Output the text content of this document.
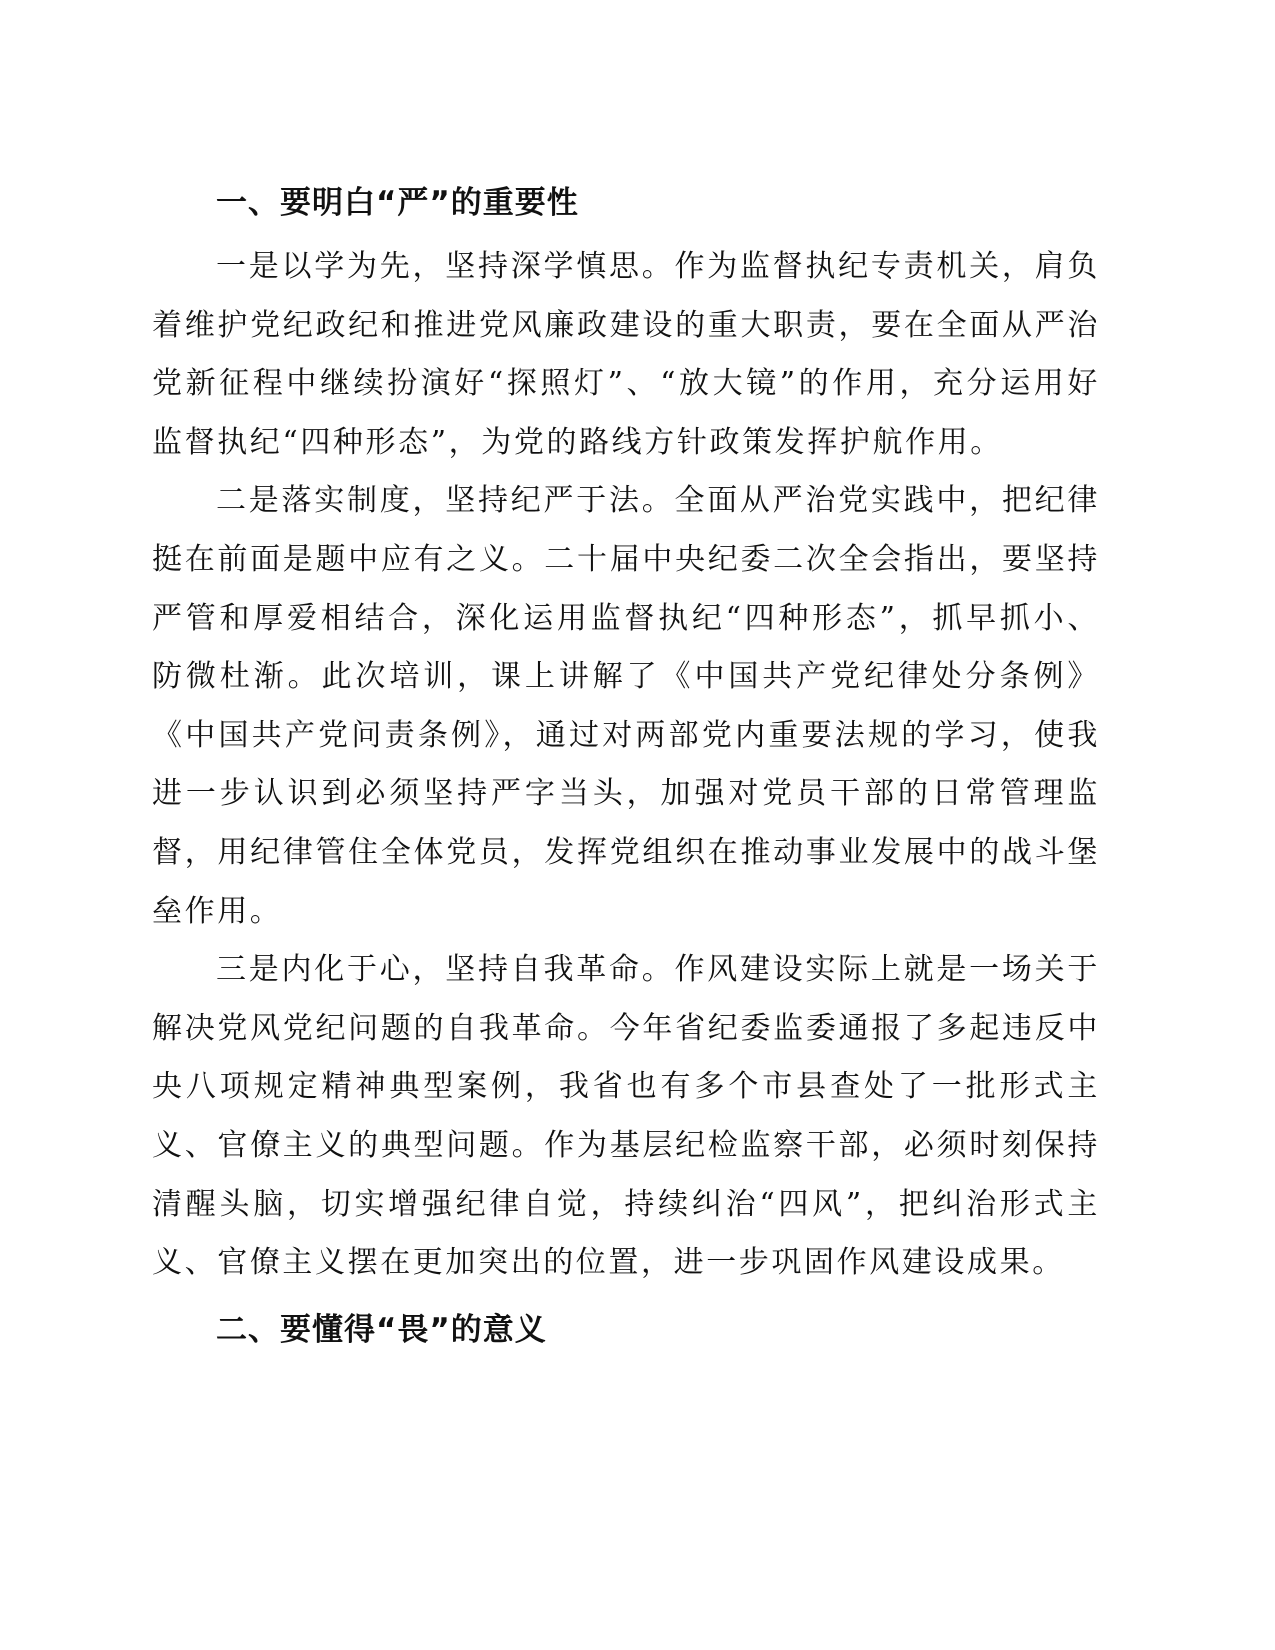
一、要明白“严”的重要性

一是以学为先，坚持深学慎思。作为监督执纪专责机关，肩负着维护党纪政纪和推进党风廉政建设的重大职责，要在全面从严治党新征程中继续扮演好“探照灯”、“放大镜”的作用，充分运用好监督执纪“四种形态”，为党的路线方针政策发挥护航作用。

二是落实制度，坚持纪严于法。全面从严治党实践中，把纪律挺在前面是题中应有之义。二十届中央纪委二次全会指出，要坚持严管和厚爱相结合，深化运用监督执纪“四种形态”，抓早抓小、防微杜渐。此次培训，课上讲解了《中国共产党纪律处分条例》《中国共产党问责条例》，通过对两部党内重要法规的学习，使我进一步认识到必须坚持严字当头，加强对党员干部的日常管理监督，用纪律管住全体党员，发挥党组织在推动事业发展中的战斗堡垒作用。

三是内化于心，坚持自我革命。作风建设实际上就是一场关于解决党风党纪问题的自我革命。今年省纪委监委通报了多起违反中央八项规定精神典型案例，我省也有多个市县查处了一批形式主义、官僚主义的典型问题。作为基层纪检监察干部，必须时刻保持清醒头脑，切实增强纪律自觉，持续纠治“四风”，把纠治形式主义、官僚主义摆在更加突出的位置，进一步巩固作风建设成果。

二、要懂得“畏”的意义
